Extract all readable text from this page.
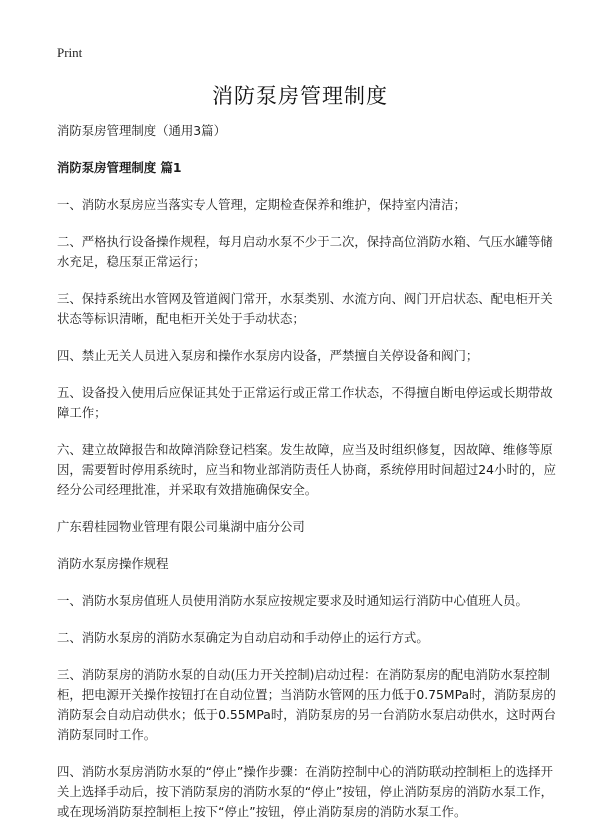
Print
消防泵房管理制度

消防泵房管理制度（通用3篇）

消防泵房管理制度 篇1

一、消防水泵房应当落实专人管理，定期检查保养和维护，保持室内清洁；

二、严格执行设备操作规程，每月启动水泵不少于二次，保持高位消防水箱、气压水罐等储水充足，稳压泵正常运行；

三、保持系统出水管网及管道阀门常开，水泵类别、水流方向、阀门开启状态、配电柜开关状态等标识清晰，配电柜开关处于手动状态；

四、禁止无关人员进入泵房和操作水泵房内设备，严禁擅自关停设备和阀门；

五、设备投入使用后应保证其处于正常运行或正常工作状态，不得擅自断电停运或长期带故障工作；

六、建立故障报告和故障消除登记档案。发生故障，应当及时组织修复，因故障、维修等原因，需要暂时停用系统时，应当和物业部消防责任人协商，系统停用时间超过24小时的，应经分公司经理批准，并采取有效措施确保安全。

广东碧桂园物业管理有限公司巢湖中庙分公司

消防水泵房操作规程

一、消防水泵房值班人员使用消防水泵应按规定要求及时通知运行消防中心值班人员。

二、消防水泵房的消防水泵确定为自动启动和手动停止的运行方式。

三、消防泵房的消防水泵的自动(压力开关控制)启动过程：在消防泵房的配电消防水泵控制柜，把电源开关操作按钮打在自动位置；当消防水管网的压力低于0.75MPa时，消防泵房的消防泵会自动启动供水；低于0.55MPa时，消防泵房的另一台消防水泵启动供水，这时两台消防泵同时工作。

四、消防水泵房消防水泵的“停止”操作步骤：在消防控制中心的消防联动控制柜上的选择开关上选择手动后，按下消防泵房的消防水泵的“停止”按钮，停止消防泵房的消防水泵工作，或在现场消防泵控制柜上按下“停止”按钮，停止消防泵房的消防水泵工作。
